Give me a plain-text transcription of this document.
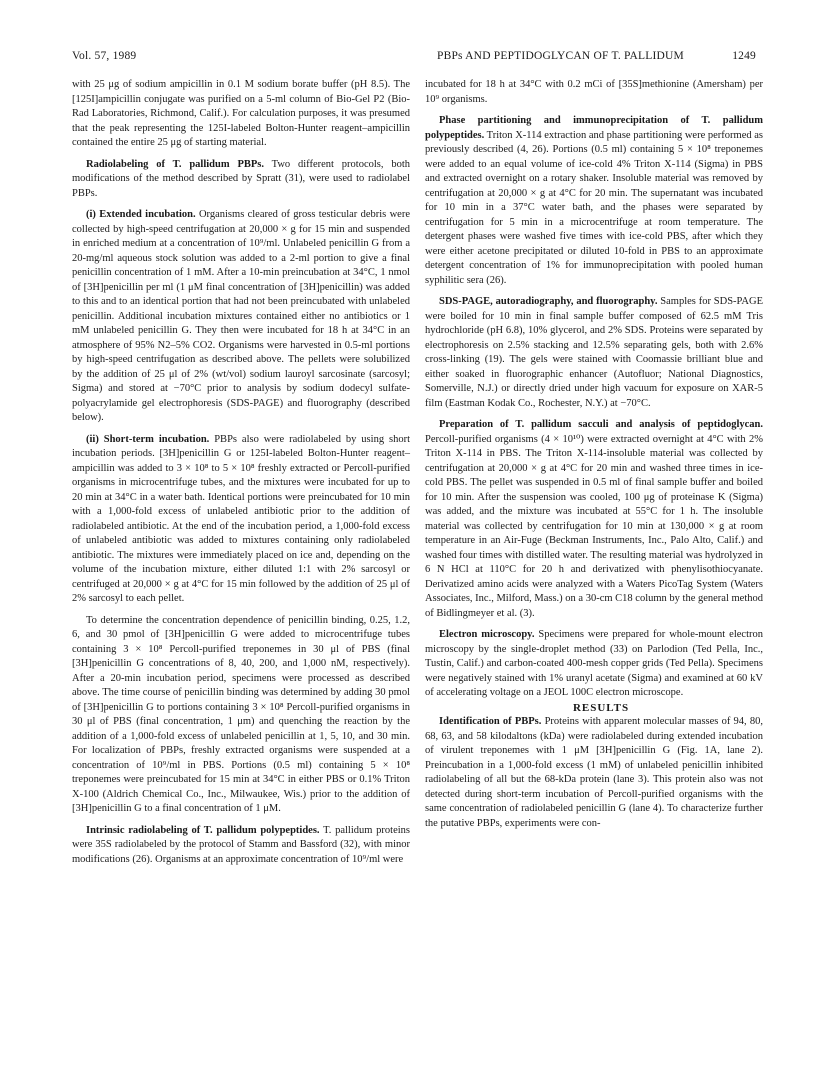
Vol. 57, 1989	PBPs AND PEPTIDOGLYCAN OF T. PALLIDUM	1249

with 25 μg of sodium ampicillin in 0.1 M sodium borate buffer (pH 8.5). The [125I]ampicillin conjugate was purified on a 5-ml column of Bio-Gel P2 (Bio-Rad Laboratories, Richmond, Calif.). For calculation purposes, it was presumed that the peak representing the 125I-labeled Bolton-Hunter reagent–ampicillin contained the entire 25 μg of starting material.

Radiolabeling of T. pallidum PBPs. Two different protocols, both modifications of the method described by Spratt (31), were used to radiolabel PBPs.

(i) Extended incubation. Organisms cleared of gross testicular debris were collected by high-speed centrifugation at 20,000 × g for 15 min and suspended in enriched medium at a concentration of 10⁹/ml. Unlabeled penicillin G from a 20-mg/ml aqueous stock solution was added to a 2-ml portion to give a final penicillin concentration of 1 mM. After a 10-min preincubation at 34°C, 1 nmol of [3H]penicillin per ml (1 μM final concentration of [3H]penicillin) was added to this and to an identical portion that had not been preincubated with unlabeled penicillin. Additional incubation mixtures contained either no antibiotics or 1 mM unlabeled penicillin G. They then were incubated for 18 h at 34°C in an atmosphere of 95% N2–5% CO2. Organisms were harvested in 0.5-ml portions by high-speed centrifugation as described above. The pellets were solubilized by the addition of 25 μl of 2% (wt/vol) sodium lauroyl sarcosinate (sarcosyl; Sigma) and stored at −70°C prior to analysis by sodium dodecyl sulfate-polyacrylamide gel electrophoresis (SDS-PAGE) and fluorography (described below).

(ii) Short-term incubation. PBPs also were radiolabeled by using short incubation periods. [3H]penicillin G or 125I-labeled Bolton-Hunter reagent–ampicillin was added to 3 × 10⁸ to 5 × 10⁸ freshly extracted or Percoll-purified organisms in microcentrifuge tubes, and the mixtures were incubated for up to 20 min at 34°C in a water bath. Identical portions were preincubated for 10 min with a 1,000-fold excess of unlabeled antibiotic prior to the addition of radiolabeled antibiotic. At the end of the incubation period, a 1,000-fold excess of unlabeled antibiotic was added to mixtures containing only radiolabeled antibiotic. The mixtures were immediately placed on ice and, depending on the volume of the incubation mixture, either diluted 1:1 with 2% sarcosyl or centrifuged at 20,000 × g at 4°C for 15 min followed by the addition of 25 μl of 2% sarcosyl to each pellet.

To determine the concentration dependence of penicillin binding, 0.25, 1.2, 6, and 30 pmol of [3H]penicillin G were added to microcentrifuge tubes containing 3 × 10⁸ Percoll-purified treponemes in 30 μl of PBS (final [3H]penicillin G concentrations of 8, 40, 200, and 1,000 nM, respectively). After a 20-min incubation period, specimens were processed as described above. The time course of penicillin binding was determined by adding 30 pmol of [3H]penicillin G to portions containing 3 × 10⁸ Percoll-purified organisms in 30 μl of PBS (final concentration, 1 μm) and quenching the reaction by the addition of a 1,000-fold excess of unlabeled penicillin at 1, 5, 10, and 30 min. For localization of PBPs, freshly extracted organisms were suspended at a concentration of 10⁹/ml in PBS. Portions (0.5 ml) containing 5 × 10⁸ treponemes were preincubated for 15 min at 34°C in either PBS or 0.1% Triton X-100 (Aldrich Chemical Co., Inc., Milwaukee, Wis.) prior to the addition of [3H]penicillin G to a final concentration of 1 μM.

Intrinsic radiolabeling of T. pallidum polypeptides. T. pallidum proteins were 35S radiolabeled by the protocol of Stamm and Bassford (32), with minor modifications (26). Organisms at an approximate concentration of 10⁹/ml were

incubated for 18 h at 34°C with 0.2 mCi of [35S]methionine (Amersham) per 10⁹ organisms.

Phase partitioning and immunoprecipitation of T. pallidum polypeptides. Triton X-114 extraction and phase partitioning were performed as previously described (4, 26). Portions (0.5 ml) containing 5 × 10⁸ treponemes were added to an equal volume of ice-cold 4% Triton X-114 (Sigma) in PBS and extracted overnight on a rotary shaker. Insoluble material was removed by centrifugation at 20,000 × g at 4°C for 20 min. The supernatant was incubated for 10 min in a 37°C water bath, and the phases were separated by centrifugation for 5 min in a microcentrifuge at room temperature. The detergent phases were washed five times with ice-cold PBS, after which they were either acetone precipitated or diluted 10-fold in PBS to an approximate detergent concentration of 1% for immunoprecipitation with pooled human syphilitic sera (26).

SDS-PAGE, autoradiography, and fluorography. Samples for SDS-PAGE were boiled for 10 min in final sample buffer composed of 62.5 mM Tris hydrochloride (pH 6.8), 10% glycerol, and 2% SDS. Proteins were separated by electrophoresis on 2.5% stacking and 12.5% separating gels, both with 2.6% cross-linking (19). The gels were stained with Coomassie brilliant blue and either soaked in fluorographic enhancer (Autofluor; National Diagnostics, Somerville, N.J.) or directly dried under high vacuum for exposure on XAR-5 film (Eastman Kodak Co., Rochester, N.Y.) at −70°C.

Preparation of T. pallidum sacculi and analysis of peptidoglycan. Percoll-purified organisms (4 × 10¹⁰) were extracted overnight at 4°C with 2% Triton X-114 in PBS. The Triton X-114-insoluble material was collected by centrifugation at 20,000 × g at 4°C for 20 min and washed three times in ice-cold PBS. The pellet was suspended in 0.5 ml of final sample buffer and boiled for 10 min. After the suspension was cooled, 100 μg of proteinase K (Sigma) was added, and the mixture was incubated at 55°C for 1 h. The insoluble material was collected by centrifugation for 10 min at 130,000 × g at room temperature in an Air-Fuge (Beckman Instruments, Inc., Palo Alto, Calif.) and washed four times with distilled water. The resulting material was hydrolyzed in 6 N HCl at 110°C for 20 h and derivatized with phenylisothiocyanate. Derivatized amino acids were analyzed with a Waters PicoTag System (Waters Associates, Inc., Milford, Mass.) on a 30-cm C18 column by the general method of Bidlingmeyer et al. (3).

Electron microscopy. Specimens were prepared for whole-mount electron microscopy by the single-droplet method (33) on Parlodion (Ted Pella, Inc., Tustin, Calif.) and carbon-coated 400-mesh copper grids (Ted Pella). Specimens were negatively stained with 1% uranyl acetate (Sigma) and examined at 60 kV of accelerating voltage on a JEOL 100C electron microscope.

RESULTS

Identification of PBPs. Proteins with apparent molecular masses of 94, 80, 68, 63, and 58 kilodaltons (kDa) were radiolabeled during extended incubation of virulent treponemes with 1 μM [3H]penicillin G (Fig. 1A, lane 2). Preincubation in a 1,000-fold excess (1 mM) of unlabeled penicillin inhibited radiolabeling of all but the 68-kDa protein (lane 3). This protein also was not detected during short-term incubation of Percoll-purified organisms with the same concentration of radiolabeled penicillin G (lane 4). To characterize further the putative PBPs, experiments were con-
